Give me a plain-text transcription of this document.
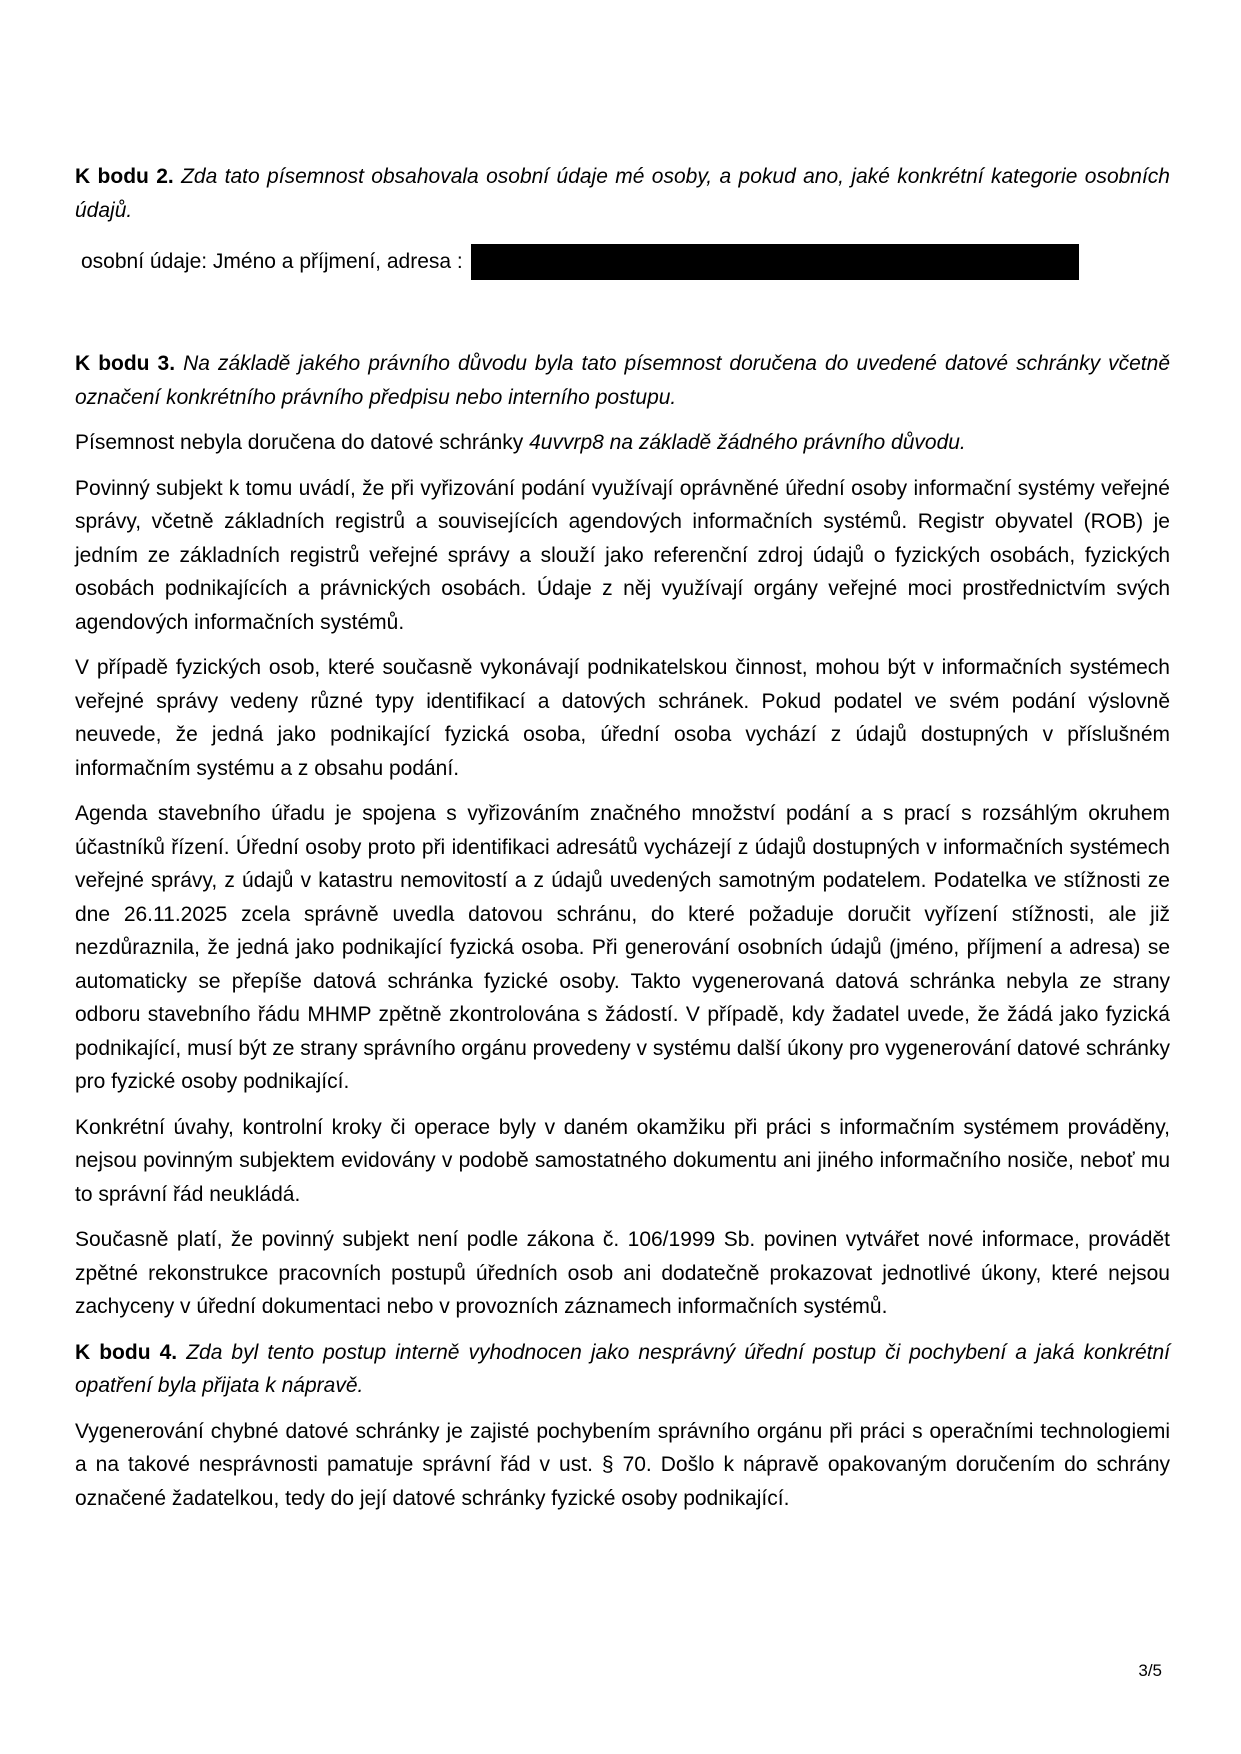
K bodu 2. Zda tato písemnost obsahovala osobní údaje mé osoby, a pokud ano, jaké konkrétní kategorie osobních údajů.

osobní údaje: Jméno a příjmení, adresa :

K bodu 3. Na základě jakého právního důvodu byla tato písemnost doručena do uvedené datové schránky včetně označení konkrétního právního předpisu nebo interního postupu.

Písemnost nebyla doručena do datové schránky 4uvvrp8 na základě žádného právního důvodu.

Povinný subjekt k tomu uvádí, že při vyřizování podání využívají oprávněné úřední osoby informační systémy veřejné správy, včetně základních registrů a souvisejících agendových informačních systémů. Registr obyvatel (ROB) je jedním ze základních registrů veřejné správy a slouží jako referenční zdroj údajů o fyzických osobách, fyzických osobách podnikajících a právnických osobách. Údaje z něj využívají orgány veřejné moci prostřednictvím svých agendových informačních systémů.

V případě fyzických osob, které současně vykonávají podnikatelskou činnost, mohou být v informačních systémech veřejné správy vedeny různé typy identifikací a datových schránek. Pokud podatel ve svém podání výslovně neuvede, že jedná jako podnikající fyzická osoba, úřední osoba vychází z údajů dostupných v příslušném informačním systému a z obsahu podání.

Agenda stavebního úřadu je spojena s vyřizováním značného množství podání a s prací s rozsáhlým okruhem účastníků řízení. Úřední osoby proto při identifikaci adresátů vycházejí z údajů dostupných v informačních systémech veřejné správy, z údajů v katastru nemovitostí a z údajů uvedených samotným podatelem. Podatelka ve stížnosti ze dne 26.11.2025 zcela správně uvedla datovou schránu, do které požaduje doručit vyřízení stížnosti, ale již nezdůraznila, že jedná jako podnikající fyzická osoba. Při generování osobních údajů (jméno, příjmení a adresa) se automaticky se přepíše datová schránka fyzické osoby. Takto vygenerovaná datová schránka nebyla ze strany odboru stavebního řádu MHMP zpětně zkontrolována s žádostí. V případě, kdy žadatel uvede, že žádá jako fyzická podnikající, musí být ze strany správního orgánu provedeny v systému další úkony pro vygenerování datové schránky pro fyzické osoby podnikající.

Konkrétní úvahy, kontrolní kroky či operace byly v daném okamžiku při práci s informačním systémem prováděny, nejsou povinným subjektem evidovány v podobě samostatného dokumentu ani jiného informačního nosiče, neboť mu to správní řád neukládá.

Současně platí, že povinný subjekt není podle zákona č. 106/1999 Sb. povinen vytvářet nové informace, provádět zpětné rekonstrukce pracovních postupů úředních osob ani dodatečně prokazovat jednotlivé úkony, které nejsou zachyceny v úřední dokumentaci nebo v provozních záznamech informačních systémů.

K bodu 4. Zda byl tento postup interně vyhodnocen jako nesprávný úřední postup či pochybení a jaká konkrétní opatření byla přijata k nápravě.

Vygenerování chybné datové schránky je zajisté pochybením správního orgánu při práci s operačními technologiemi a na takové nesprávnosti pamatuje správní řád v ust. § 70. Došlo k nápravě opakovaným doručením do schrány označené žadatelkou, tedy do její datové schránky fyzické osoby podnikající.

3/5
